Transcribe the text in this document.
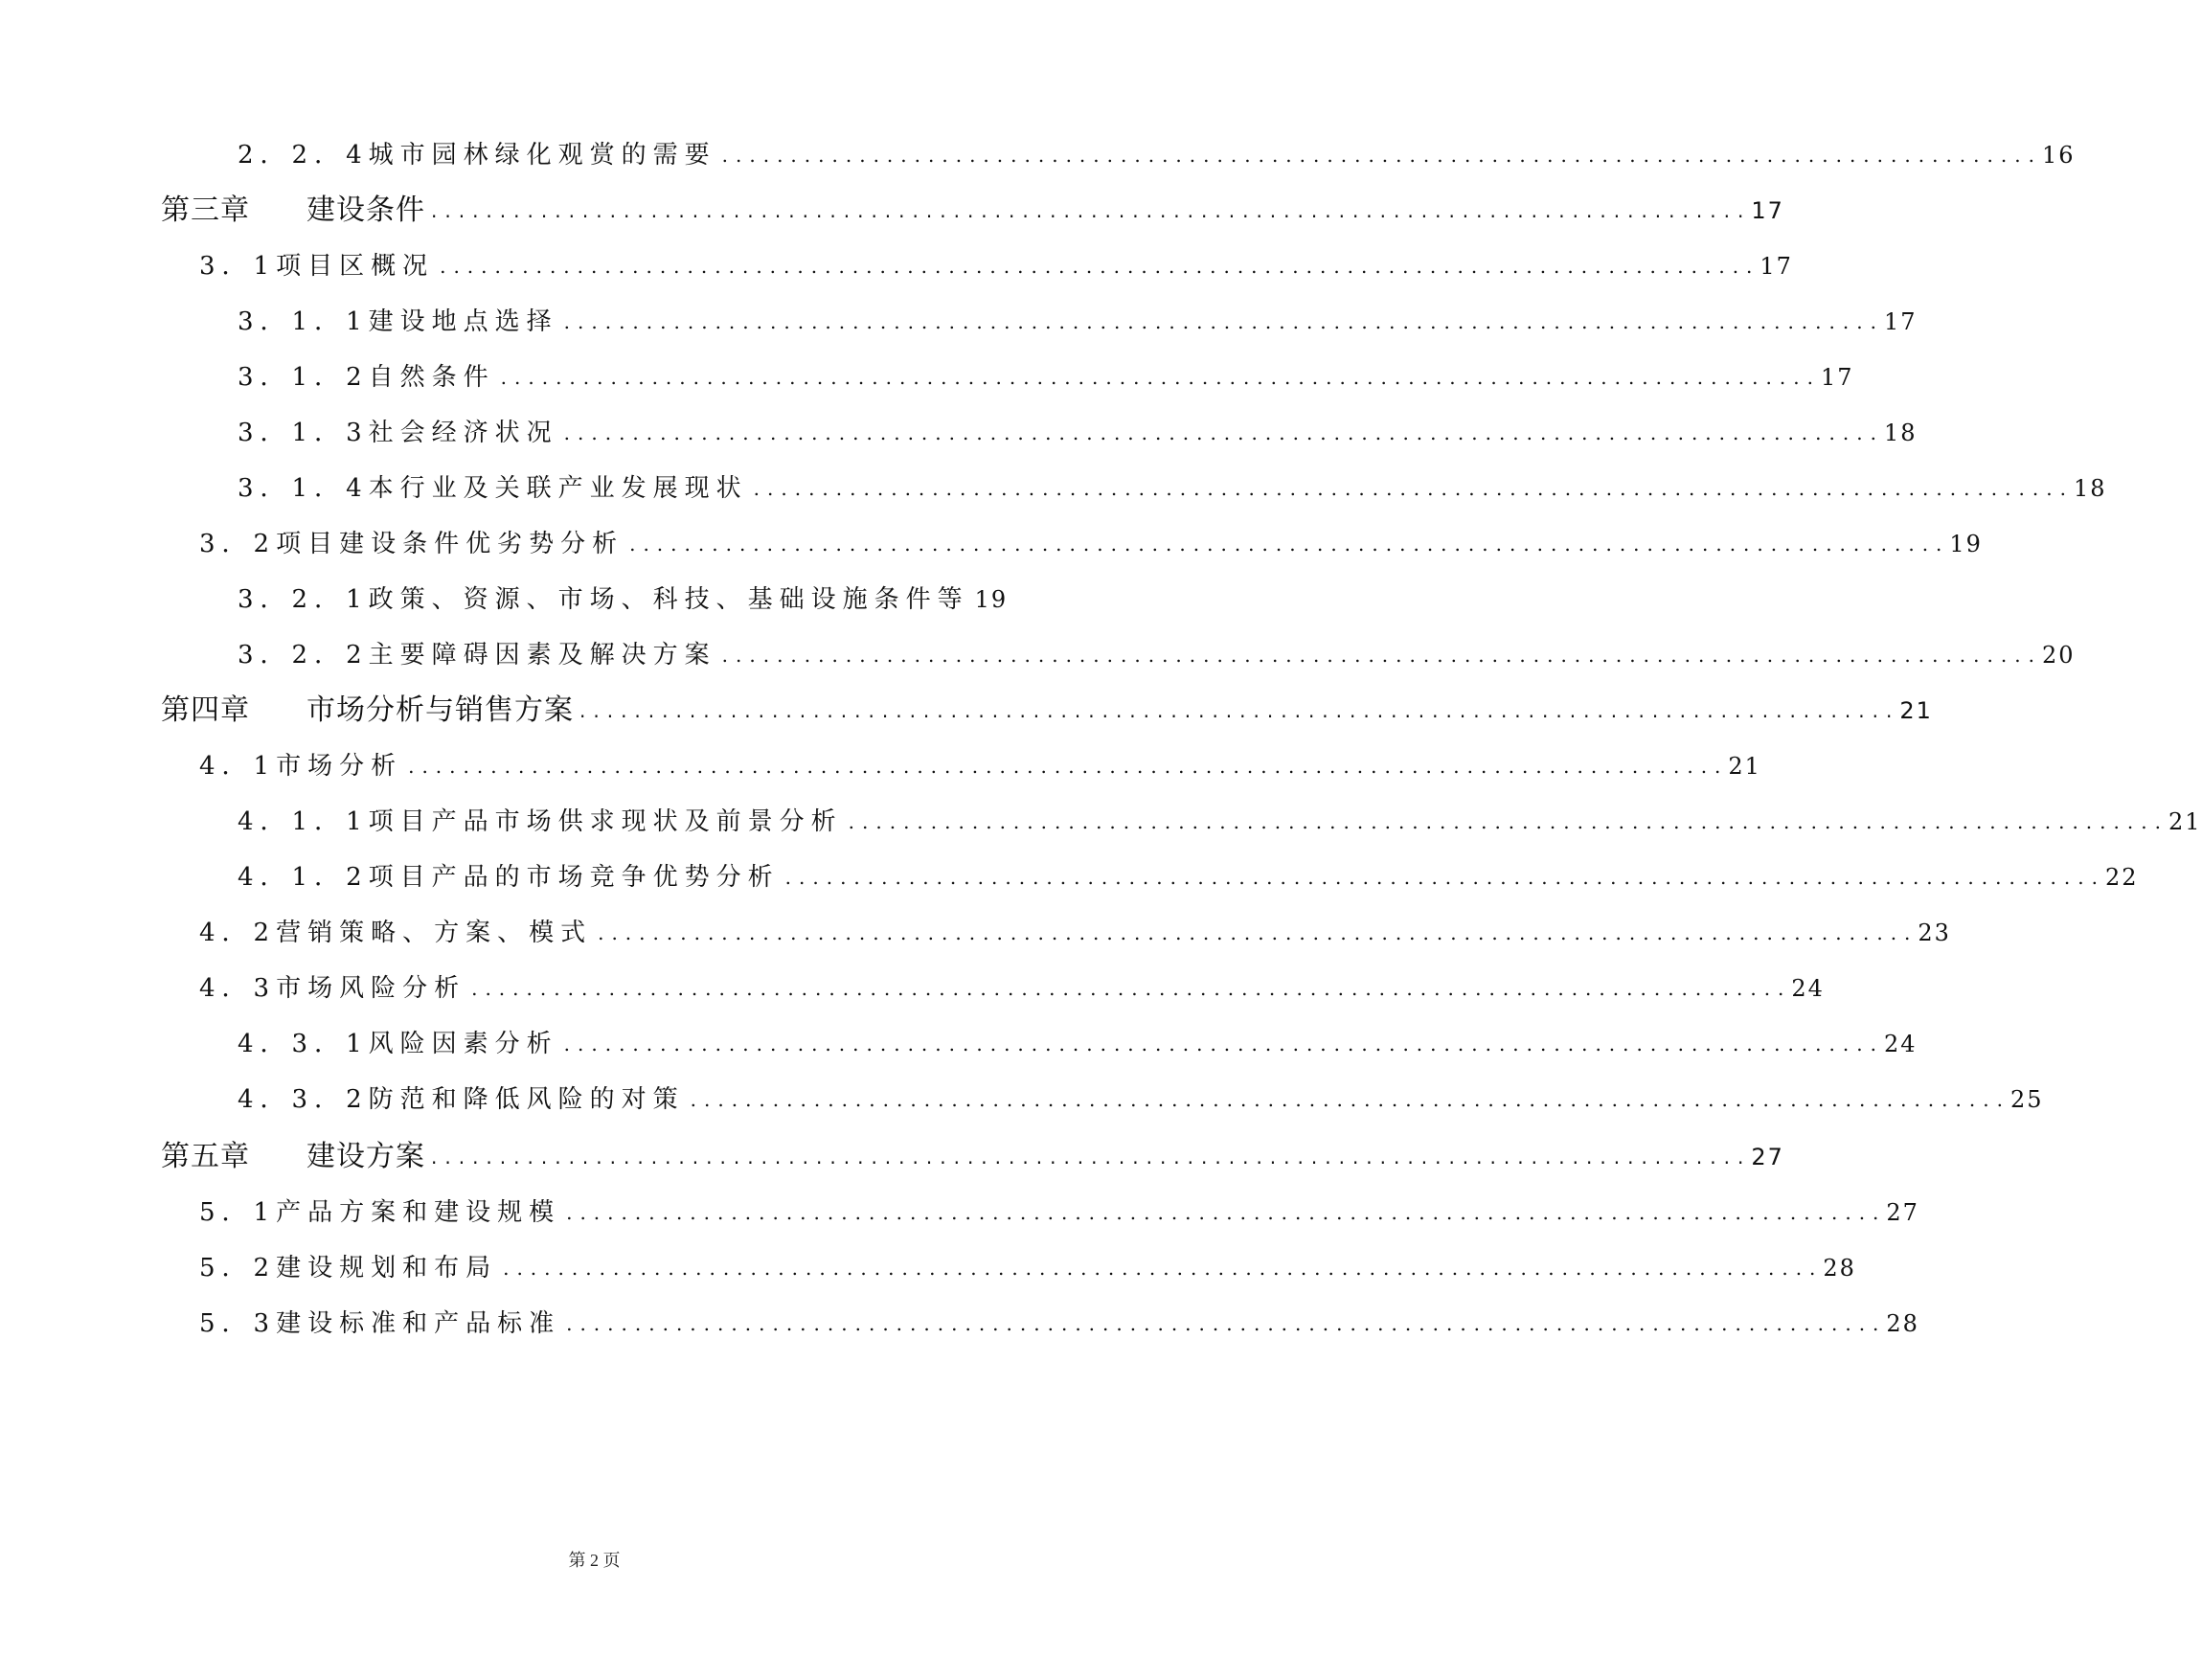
2．2．4城市园林绿化观赏的需要 ................................................................................................ 16
第三章 建设条件 ................................................................................................ 17
3．1项目区概况 ................................................................................................ 17
3．1．1建设地点选择 ................................................................................................ 17
3．1．2自然条件 ................................................................................................ 17
3．1．3社会经济状况 ................................................................................................ 18
3．1．4本行业及关联产业发展现状 ................................................................................................ 18
3．2项目建设条件优劣势分析 ................................................................................................ 19
3．2．1政策、资源、市场、科技、基础设施条件等 19
3．2．2主要障碍因素及解决方案 ................................................................................................ 20
第四章 市场分析与销售方案 ................................................................................................ 21
4．1市场分析 ................................................................................................ 21
4．1．1项目产品市场供求现状及前景分析 ................................................................................................ 21
4．1．2项目产品的市场竞争优势分析 ................................................................................................ 22
4．2营销策略、方案、模式 ................................................................................................ 23
4．3市场风险分析 ................................................................................................ 24
4．3．1风险因素分析 ................................................................................................ 24
4．3．2防范和降低风险的对策 ................................................................................................ 25
第五章 建设方案 ................................................................................................ 27
5．1产品方案和建设规模 ................................................................................................ 27
5．2建设规划和布局 ................................................................................................ 28
5．3建设标准和产品标准 ................................................................................................ 28
第 2 页
